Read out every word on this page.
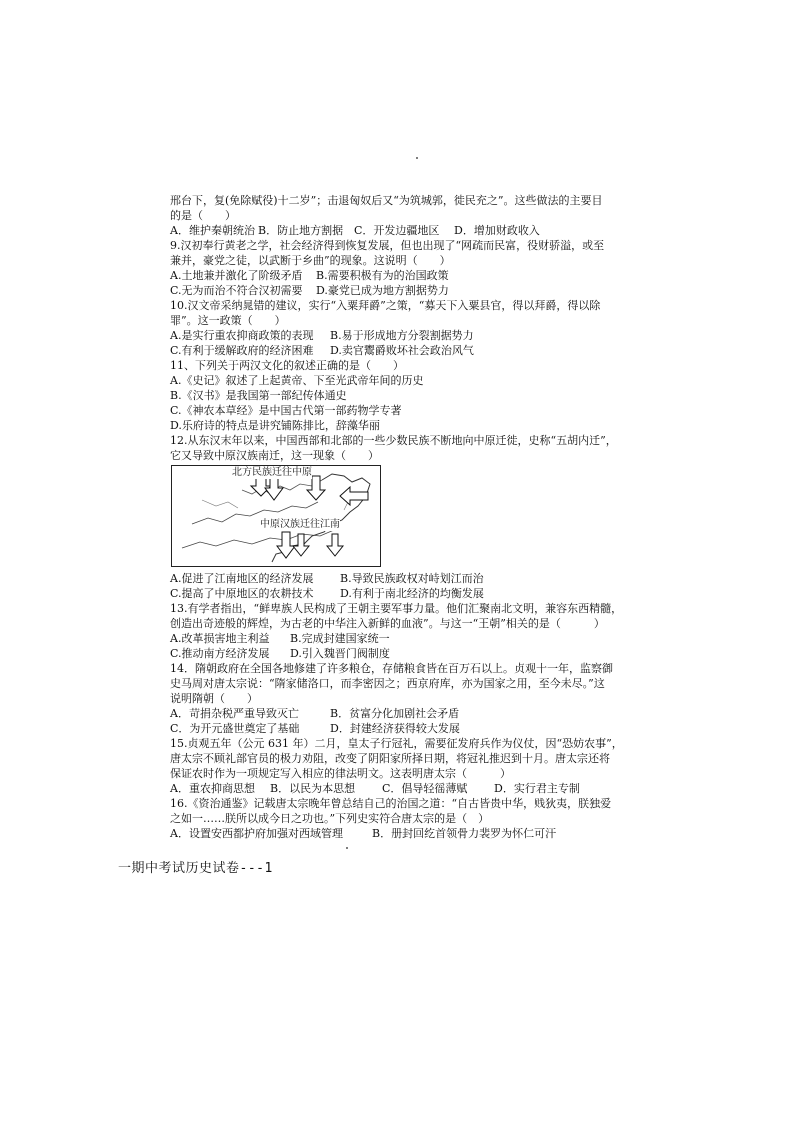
邢台下，复(免除赋役)十二岁”；击退匈奴后又“为筑城郭，徙民充之”。这些做法的主要目
的是（　　）
A．维护秦朝统治 B．防止地方割据 C．开发边疆地区	D．增加财政收入
9.汉初奉行黄老之学，社会经济得到恢复发展，但也出现了“网疏而民富，役财骄溢，或至
兼并，豪党之徒，以武断于乡曲”的现象。这说明（　　）
A.土地兼并激化了阶级矛盾	B.需要积极有为的治国政策
C.无为而治不符合汉初需要	D.豪党已成为地方割据势力
10.汉文帝采纳晁错的建议，实行“入粟拜爵”之策，“募天下入粟县官，得以拜爵，得以除
罪”。这一政策（　　）
A.是实行重农抑商政策的表现	B.易于形成地方分裂割据势力
C.有利于缓解政府的经济困难	D.卖官鬻爵败坏社会政治风气
11、下列关于两汉文化的叙述正确的是（　　）
A.《史记》叙述了上起黄帝、下至光武帝年间的历史
B.《汉书》是我国第一部纪传体通史
C.《神农本草经》是中国古代第一部药物学专著
D.乐府诗的特点是讲究铺陈排比，辞藻华丽
12.从东汉末年以来，中国西部和北部的一些少数民族不断地向中原迁徙，史称“五胡内迁”，
它又导致中原汉族南迁，这一现象（　　）
北方民族迁往中原
中原汉族迁往江南
A.促进了江南地区的经济发展	B.导致民族政权对峙划江而治
C.提高了中原地区的农耕技术	D.有利于南北经济的均衡发展
13.有学者指出，“鲜卑族人民构成了王朝主要军事力量。他们汇聚南北文明，兼容东西精髓，
创造出奇迹般的辉煌，为古老的中华注入新鲜的血液”。与这一“王朝”相关的是（　　　）
A.改革损害地主利益	B.完成封建国家统一
C.推动南方经济发展	D.引入魏晋门阀制度
14．隋朝政府在全国各地修建了许多粮仓，存储粮食皆在百万石以上。贞观十一年，监察御
史马周对唐太宗说：“隋家储洛口，而李密因之；西京府库，亦为国家之用，至今未尽。”这
说明隋朝（　　）
A．苛捐杂税严重导致灭亡	B．贫富分化加剧社会矛盾
C．为开元盛世奠定了基础	D．封建经济获得较大发展
15.贞观五年（公元 631 年）二月，皇太子行冠礼，需要征发府兵作为仪仗，因“恐妨农事”，
唐太宗不顾礼部官员的极力劝阻，改变了阴阳家所择日期，将冠礼推迟到十月。唐太宗还将
保证农时作为一项规定写入相应的律法明文。这表明唐太宗（　　　）
A．重农抑商思想	B．以民为本思想	C．倡导轻徭薄赋	D．实行君主专制
16.《资治通鉴》记载唐太宗晚年曾总结自己的治国之道：“自古皆贵中华，贱狄夷，朕独爱
之如一……朕所以成今日之功也。”下列史实符合唐太宗的是（　）
A．设置安西都护府加强对西域管理	B．册封回纥首领骨力裴罗为怀仁可汗
一期中考试历史试卷---1
